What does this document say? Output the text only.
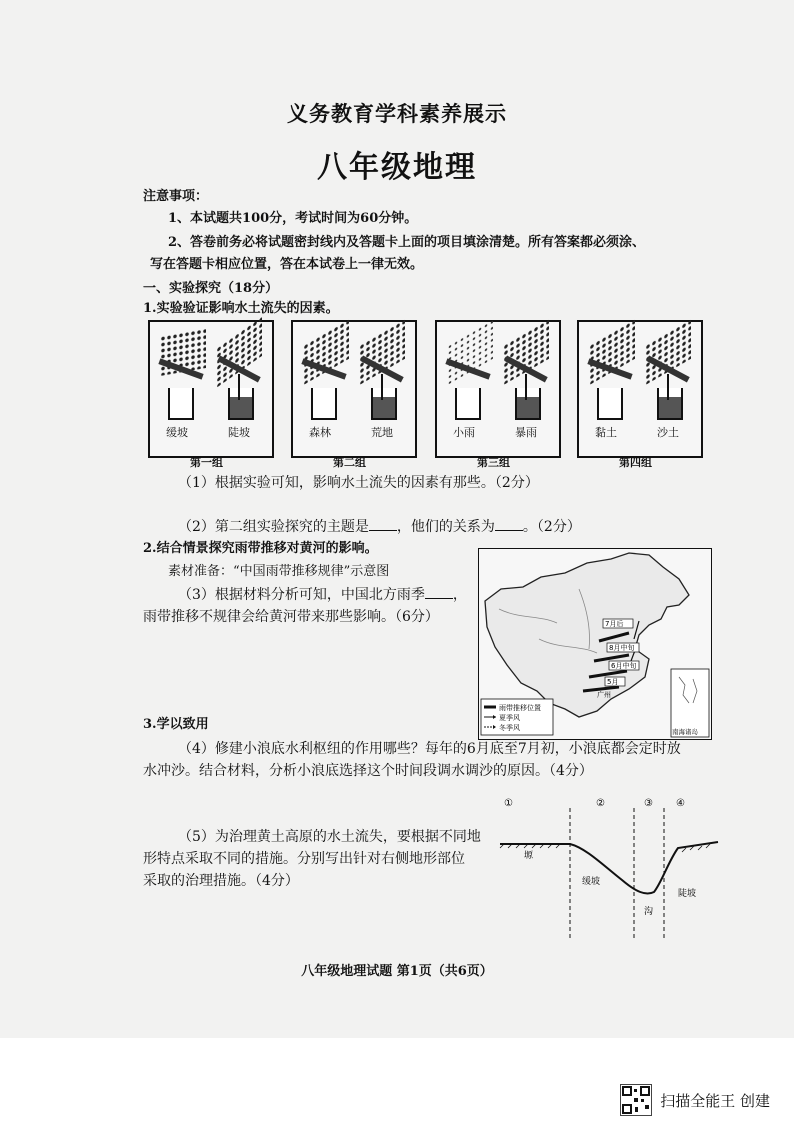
义务教育学科素养展示
八年级地理
注意事项：
1、本试题共100分，考试时间为60分钟。
2、答卷前务必将试题密封线内及答题卡上面的项目填涂清楚。所有答案都必须涂、
写在答题卡相应位置，答在本试卷上一律无效。
一、实验探究（18分）
1.实验验证影响水土流失的因素。
缓坡	陡坡
第一组
森林	荒地
第二组
小雨	暴雨
第三组
黏土	沙土
第四组
（1）根据实验可知，影响水土流失的因素有那些。（2分）
（2）第二组实验探究的主题是 ，他们的关系为 。（2分）
2.结合情景探究雨带推移对黄河的影响。
素材准备：“中国雨带推移规律”示意图
（3）根据材料分析可知，中国北方雨季 ，
雨带推移不规律会给黄河带来那些影响。（6分）	7月后
8月中旬
6月中旬
5月
广州
雨带推移位置
夏季风
冬季风	南海诸岛
3.学以致用
（4）修建小浪底水利枢纽的作用哪些？每年的6月底至7月初，小浪底都会定时放
水冲沙。结合材料，分析小浪底选择这个时间段调水调沙的原因。（4分）
（5）为治理黄土高原的水土流失，要根据不同地
形特点采取不同的措施。分别写出针对右侧地形部位
采取的治理措施。（4分）
①	②	③ ④
塬
缓坡
沟
陡坡
八年级地理试题 第1页（共6页）
扫描全能王 创建
